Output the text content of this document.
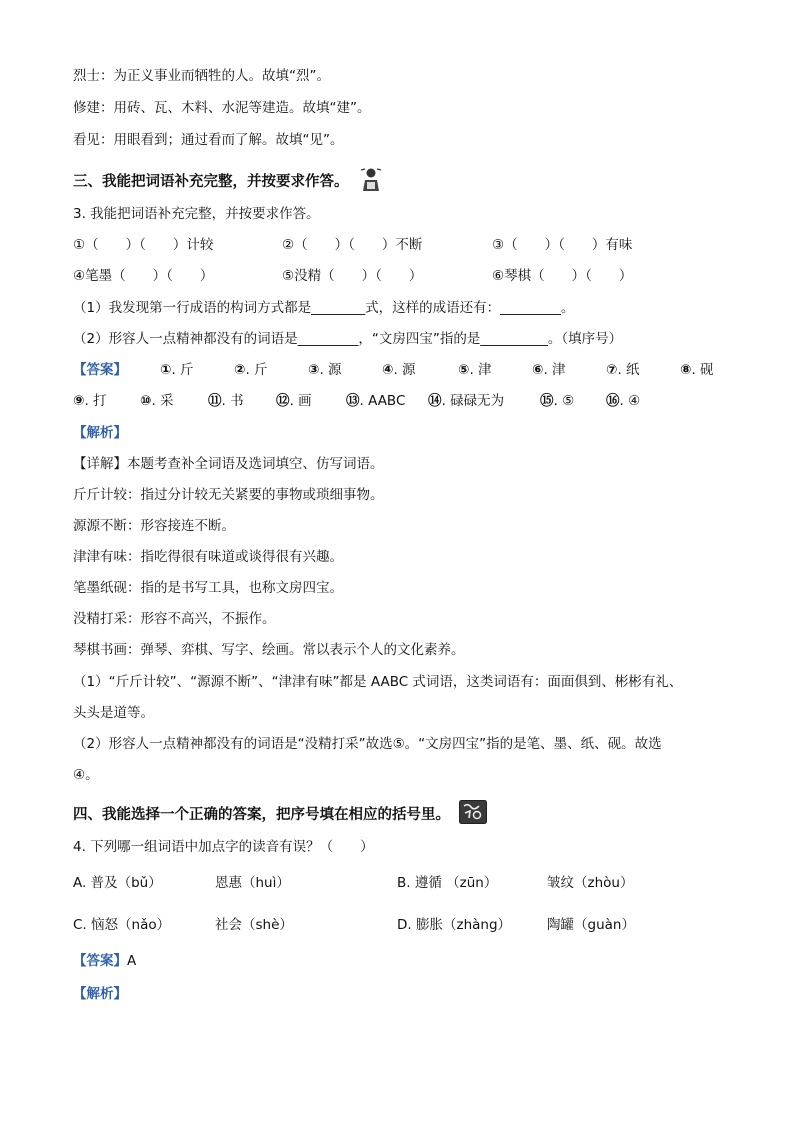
烈士：为正义事业而牺牲的人。故填“烈”。
修建：用砖、瓦、木料、水泥等建造。故填“建”。
看见：用眼看到；通过看而了解。故填“见”。
三、我能把词语补充完整，并按要求作答。
3. 我能把词语补充完整，并按要求作答。
①（　　）（　　）计较	②（　　）（　　）不断	③（　　）（　　）有味
④笔墨（　　）（　　）	⑤没精（　　）（　　）	⑥琴棋（　　）（　　）
（1）我发现第一行成语的构词方式都是________式，这样的成语还有：_________。
（2）形容人一点精神都没有的词语是_________，“文房四宝”指的是__________。（填序号）
【答案】 ①. 斤	②. 斤	③. 源	④. 源	⑤. 津	⑥. 津	⑦. 纸	⑧. 砚
⑨. 打 ⑩. 采	⑪. 书 ⑫. 画	⑬. AABC ⑭. 碌碌无为	⑮. ⑤ ⑯. ④
【解析】
【详解】本题考查补全词语及选词填空、仿写词语。
斤斤计较：指过分计较无关紧要的事物或琐细事物。
源源不断：形容接连不断。
津津有味：指吃得很有味道或谈得很有兴趣。
笔墨纸砚：指的是书写工具，也称文房四宝。
没精打采：形容不高兴，不振作。
琴棋书画：弹琴、弈棋、写字、绘画。常以表示个人的文化素养。
（1）“斤斤计较”、“源源不断”、“津津有味”都是 AABC 式词语，这类词语有：面面俱到、彬彬有礼、
头头是道等。
（2）形容人一点精神都没有的词语是“没精打采”故选⑤。“文房四宝”指的是笔、墨、纸、砚。故选
④。
四、我能选择一个正确的答案，把序号填在相应的括号里。
4. 下列哪一组词语中加点字的读音有误？（　　）
A. 普及（bǔ）	恩惠（huì）	B. 遵循 （zūn）	皱纹（zhòu）
C. 恼怒（nǎo）	社会（shè）	D. 膨胀（zhàng）	陶罐（guàn）
【答案】A
【解析】
